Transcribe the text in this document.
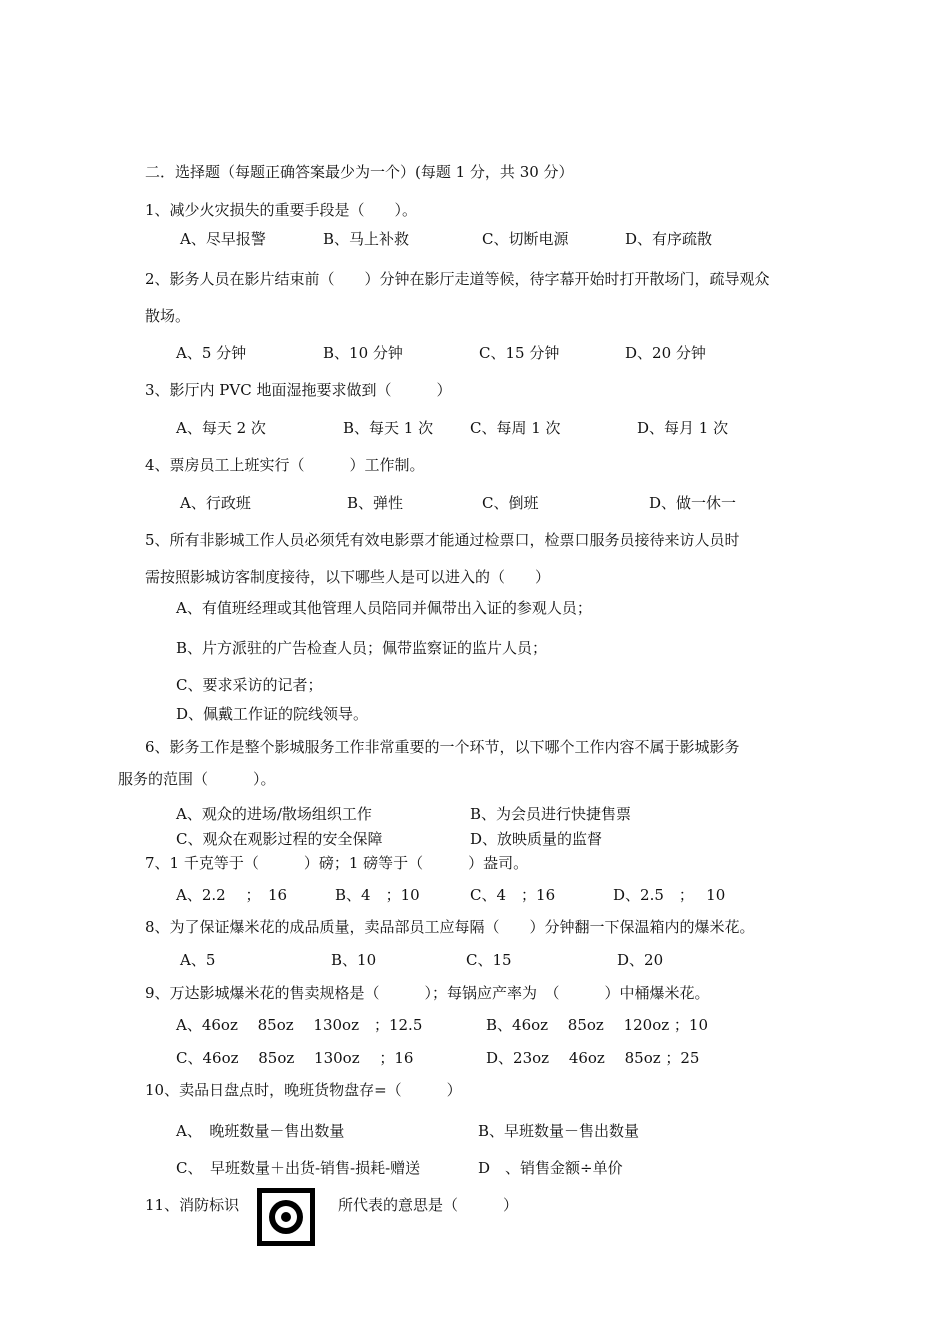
二．选择题（每题正确答案最少为一个）(每题 1 分，共 30 分）
1、减少火灾损失的重要手段是（　　）。
A、尽早报警	B、马上补救	C、切断电源	D、有序疏散
2、影务人员在影片结束前（　　）分钟在影厅走道等候，待字幕开始时打开散场门，疏导观众
散场。
A、5 分钟	B、10 分钟	C、15 分钟	D、20 分钟
3、影厅内 PVC 地面湿拖要求做到（　　　）
A、每天 2 次	B、每天 1 次 C、每周 1 次	D、每月 1 次
4、票房员工上班实行（　　　）工作制。
A、行政班	B、弹性	C、倒班	D、做一休一
5、所有非影城工作人员必须凭有效电影票才能通过检票口，检票口服务员接待来访人员时
需按照影城访客制度接待，以下哪些人是可以进入的（　　）
A、有值班经理或其他管理人员陪同并佩带出入证的参观人员；
B、片方派驻的广告检查人员；佩带监察证的监片人员；
C、要求采访的记者；
D、佩戴工作证的院线领导。
6、影务工作是整个影城服务工作非常重要的一个环节，以下哪个工作内容不属于影城影务
服务的范围（　　　）。
A、观众的进场/散场组织工作	B、为会员进行快捷售票
C、观众在观影过程的安全保障	D、放映质量的监督
7、1 千克等于（　　　）磅；1 磅等于（　　　）盎司。
A、2.2　 ；　16	B、4　；10	C、4　；16	D、2.5　；　 10
8、为了保证爆米花的成品质量，卖品部员工应每隔（　　）分钟翻一下保温箱内的爆米花。
A、5	B、10	C、15	D、20
9、万达影城爆米花的售卖规格是（　　　）；每锅应产率为　（　　　）中桶爆米花。
A、46oz　 85oz　 130oz　；12.5	B、46oz　 85oz　 120oz ；10
C、46oz　 85oz　 130oz　 ；16	D、23oz　 46oz　 85oz ；25
10、卖品日盘点时，晚班货物盘存=（　　　）
A、　晚班数量－售出数量	B、早班数量－售出数量
C、　早班数量＋出货-销售-损耗-赠送	D　、销售金额÷单价
11、消防标识	所代表的意思是（　　　）
